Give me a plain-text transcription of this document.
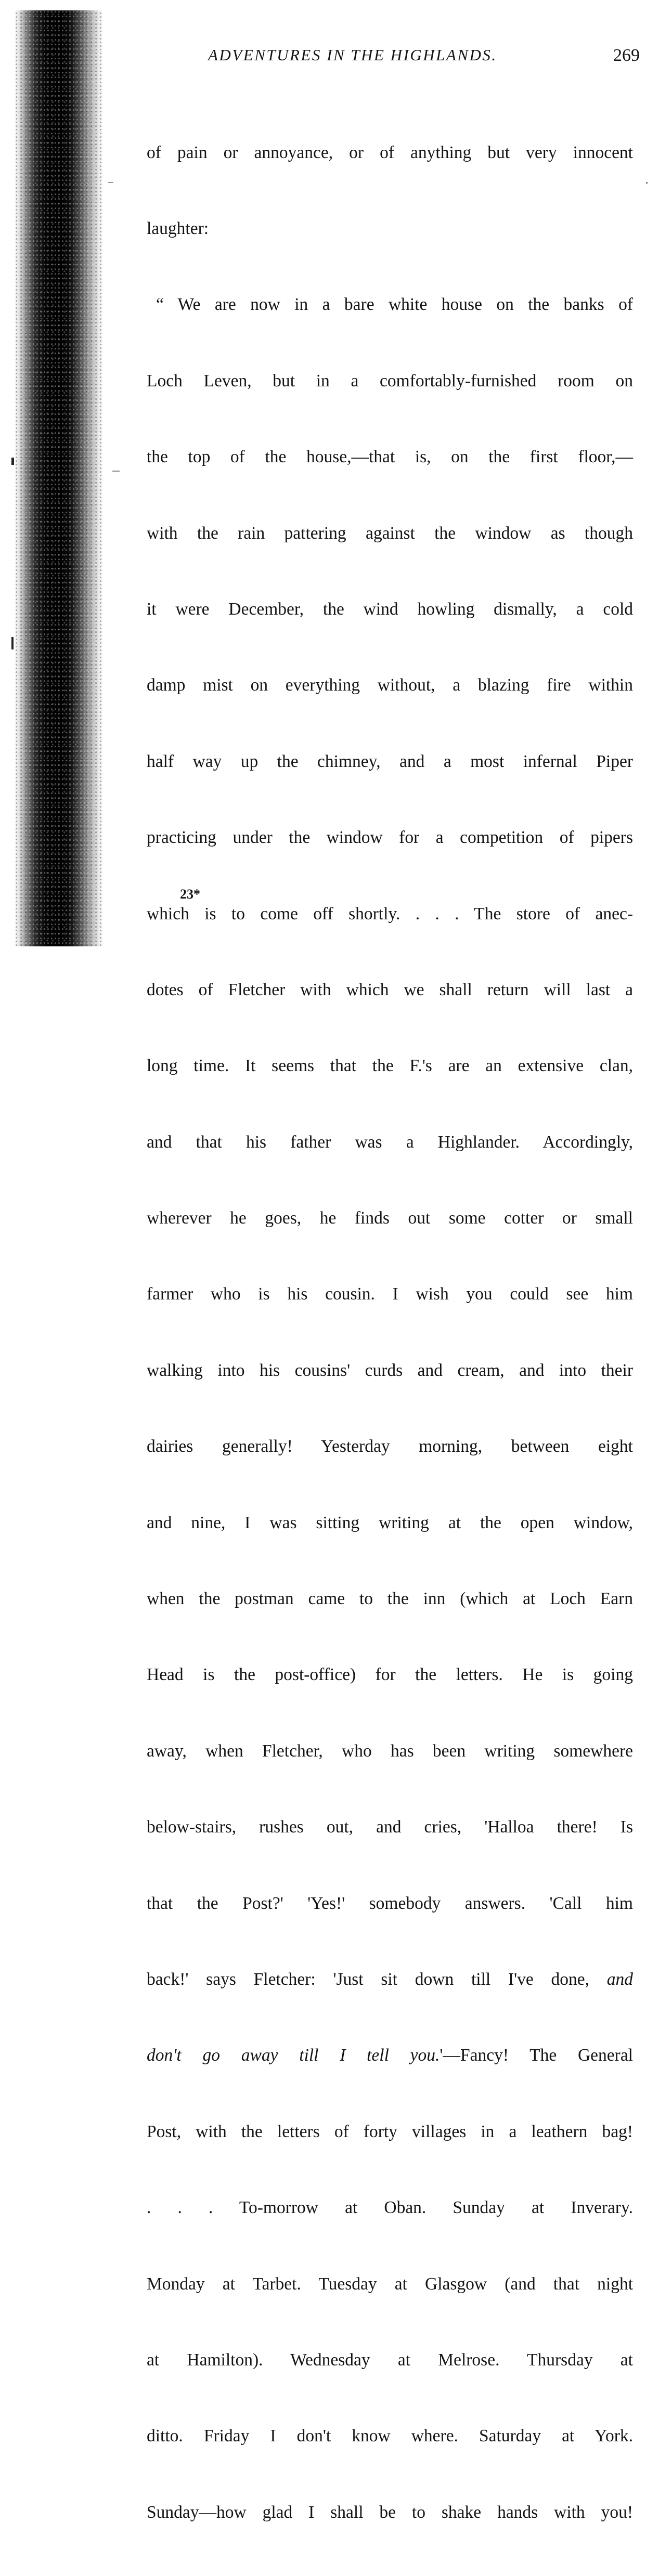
ADVENTURES IN THE HIGHLANDS.	269

of pain or annoyance, or of anything but very innocent

laughter:

“ We are now in a bare white house on the banks of

Loch Leven, but in a comfortably-furnished room on

the top of the house,—that is, on the first floor,—

with the rain pattering against the window as though

it were December, the wind howling dismally, a cold

damp mist on everything without, a blazing fire within

half way up the chimney, and a most infernal Piper

practicing under the window for a competition of pipers

which is to come off shortly. . . . The store of anec-

dotes of Fletcher with which we shall return will last a

long time. It seems that the F.'s are an extensive clan,

and that his father was a Highlander. Accordingly,

wherever he goes, he finds out some cotter or small

farmer who is his cousin. I wish you could see him

walking into his cousins' curds and cream, and into their

dairies generally! Yesterday morning, between eight

and nine, I was sitting writing at the open window,

when the postman came to the inn (which at Loch Earn

Head is the post-office) for the letters. He is going

away, when Fletcher, who has been writing somewhere

below-stairs, rushes out, and cries, 'Halloa there! Is

that the Post?' 'Yes!' somebody answers. 'Call him

back!' says Fletcher: 'Just sit down till I've done, and

don't go away till I tell you.'—Fancy! The General

Post, with the letters of forty villages in a leathern bag!

. . . To-morrow at Oban. Sunday at Inverary.

Monday at Tarbet. Tuesday at Glasgow (and that night

at Hamilton). Wednesday at Melrose. Thursday at

ditto. Friday I don't know where. Saturday at York.

Sunday—how glad I shall be to shake hands with you!

23*
